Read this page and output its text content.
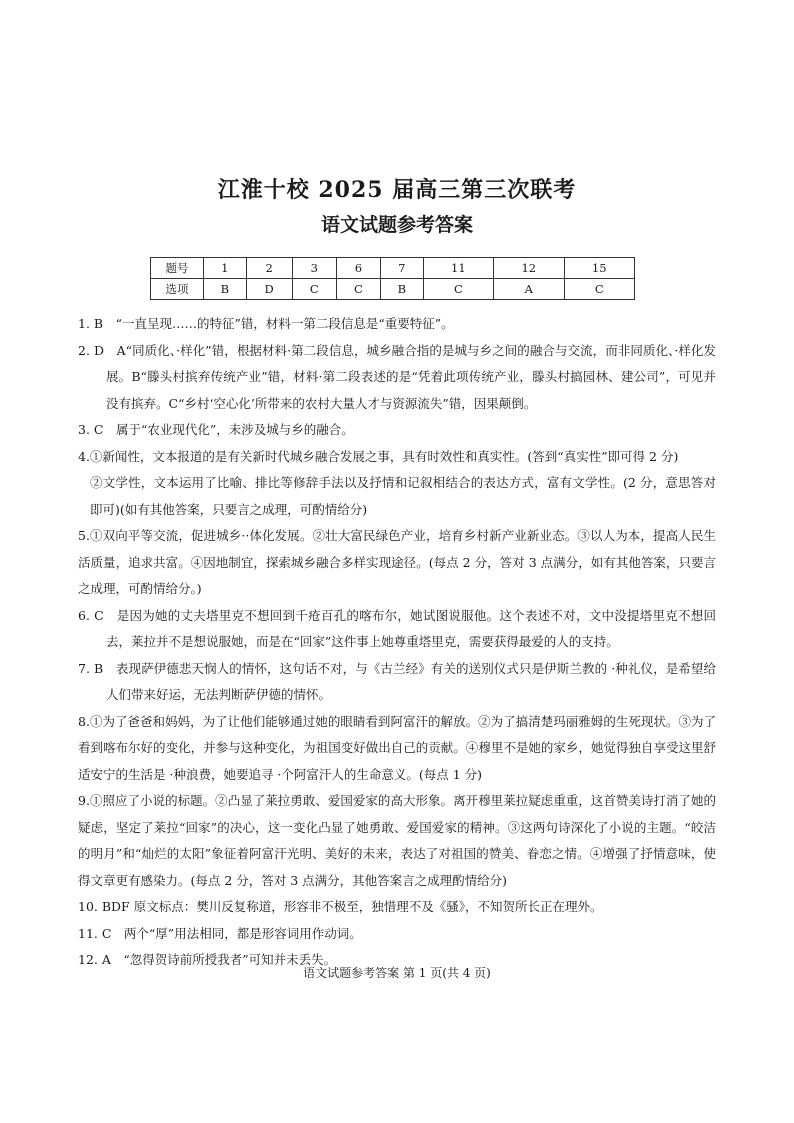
江淮十校 2025 届高三第三次联考
语文试题参考答案
题号	1	2	3	6	7	11	12	15
选项	B	D	C	C	B	C	A	C

1. B　“一直呈现……的特征”错，材料一第二段信息是“重要特征”。

2. D　A“同质化、·样化”错，根据材料·第二段信息，城乡融合指的是城与乡之间的融合与交流，而非同质化、·样化发展。B“滕头村摈弃传统产业”错，材料·第二段表述的是“凭着此项传统产业，滕头村搞园林、建公司”，可见并没有摈弃。C“乡村‘空心化’所带来的农村大量人才与资源流失”错，因果颠倒。

3. C　属于“农业现代化”，未涉及城与乡的融合。

4.①新闻性，文本报道的是有关新时代城乡融合发展之事，具有时效性和真实性。(答到“真实性”即可得 2 分)

②文学性，文本运用了比喻、排比等修辞手法以及抒情和记叙相结合的表达方式，富有文学性。(2 分，意思答对即可)(如有其他答案，只要言之成理，可酌情给分)

5.①双向平等交流，促进城乡··体化发展。②壮大富民绿色产业，培育乡村新产业新业态。③以人为本，提高人民生活质量，追求共富。④因地制宜，探索城乡融合多样实现途径。(每点 2 分，答对 3 点满分，如有其他答案，只要言之成理，可酌情给分。)

6. C　是因为她的丈夫塔里克不想回到千疮百孔的喀布尔，她试图说服他。这个表述不对，文中没提塔里克不想回去，莱拉并不是想说服她，而是在“回家”这件事上她尊重塔里克，需要获得最爱的人的支持。

7. B　表现萨伊德悲天悯人的情怀，这句话不对，与《古兰经》有关的送别仪式只是伊斯兰教的 ·种礼仪，是希望给人们带来好运，无法判断萨伊德的情怀。

8.①为了爸爸和妈妈，为了让他们能够通过她的眼睛看到阿富汗的解放。②为了搞清楚玛丽雅姆的生死现状。③为了看到喀布尔好的变化，并参与这种变化，为祖国变好做出自己的贡献。④穆里不是她的家乡，她觉得独自享受这里舒适安宁的生活是 ·种浪费，她要追寻 ·个阿富汗人的生命意义。(每点 1 分)

9.①照应了小说的标题。②凸显了莱拉勇敢、爱国爱家的高大形象。离开穆里莱拉疑虑重重，这首赞美诗打消了她的疑虑，坚定了莱拉“回家”的决心，这一变化凸显了她勇敢、爱国爱家的精神。③这两句诗深化了小说的主题。“皎洁的明月”和“灿烂的太阳”象征着阿富汗光明、美好的未来，表达了对祖国的赞美、眷恋之情。④增强了抒情意味，使得文章更有感染力。(每点 2 分，答对 3 点满分，其他答案言之成理酌情给分)

10. BDF 原文标点：樊川反复称道，形容非不极至，独惜理不及《骚》，不知贺所长正在理外。

11. C　两个“厚”用法相同，都是形容词用作动词。

12. A　“忽得贺诗前所授我者”可知并未丢失。

语文试题参考答案 第 1 页(共 4 页)
